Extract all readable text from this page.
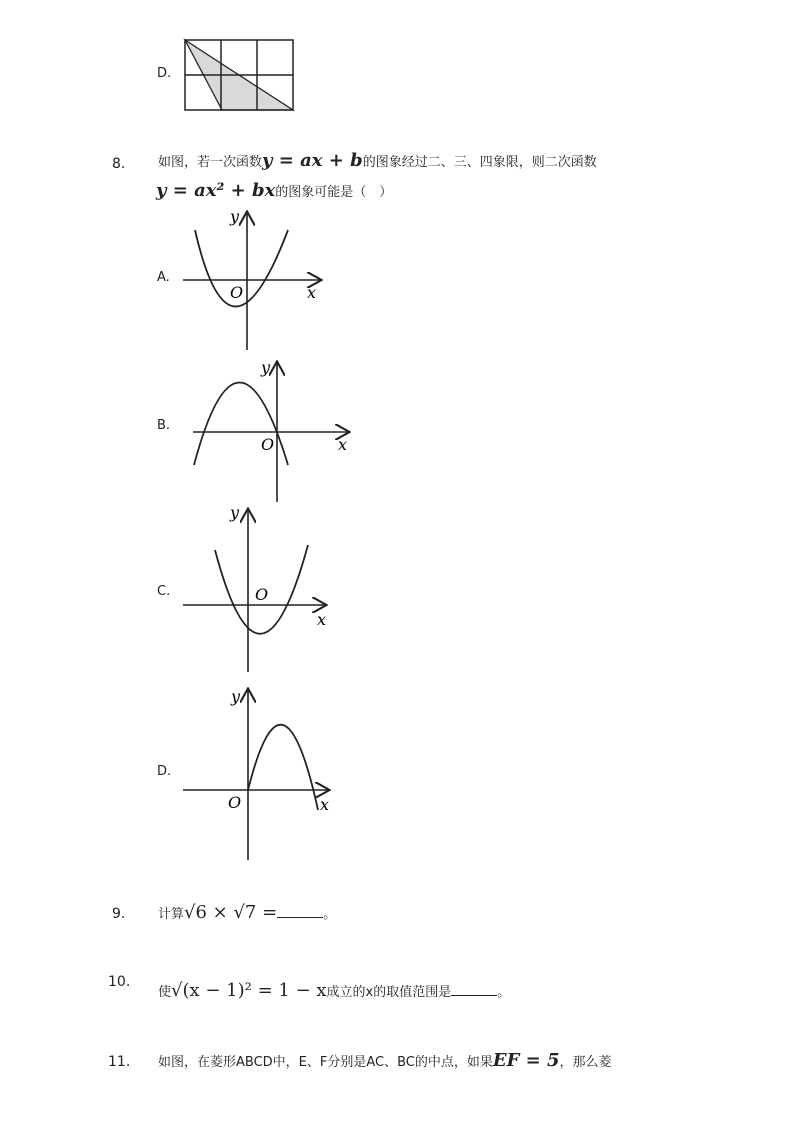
D.
8.	如图，若一次函数y = ax + b的图象经过二、三、四象限，则二次函数
y = ax² + bx的图象可能是（　）
A.
x
y
O
B.
x
y
O
C.
x
y
O
D.
x
y
O
9.	计算√6 × √7 =	。
10.
使√(x − 1)² = 1 − x成立的x的取值范围是	。
11. 如图，在菱形ABCD中，E、F分别是AC、BC的中点，如果EF = 5，那么菱
